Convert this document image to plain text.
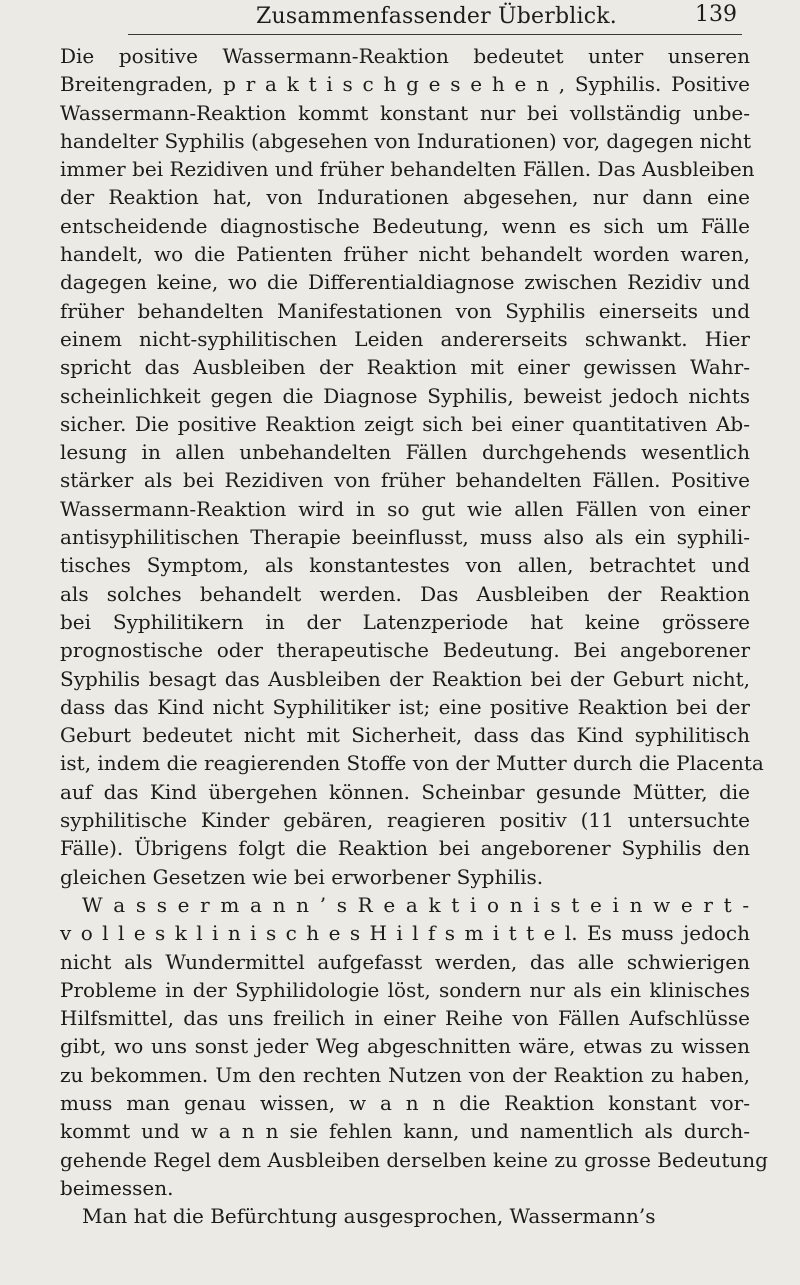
Zusammenfassender Überblick.	139
Die positive Wassermann-Reaktion bedeutet unter unseren
Breitengraden, p r a k t i s c h g e s e h e n , Syphilis. Positive
Wassermann-Reaktion kommt konstant nur bei vollständig unbe-
handelter Syphilis (abgesehen von Indurationen) vor, dagegen nicht
immer bei Rezidiven und früher behandelten Fällen. Das Ausbleiben
der Reaktion hat, von Indurationen abgesehen, nur dann eine
entscheidende diagnostische Bedeutung, wenn es sich um Fälle
handelt, wo die Patienten früher nicht behandelt worden waren,
dagegen keine, wo die Differentialdiagnose zwischen Rezidiv und
früher behandelten Manifestationen von Syphilis einerseits und
einem nicht-syphilitischen Leiden andererseits schwankt. Hier
spricht das Ausbleiben der Reaktion mit einer gewissen Wahr-
scheinlichkeit gegen die Diagnose Syphilis, beweist jedoch nichts
sicher. Die positive Reaktion zeigt sich bei einer quantitativen Ab-
lesung in allen unbehandelten Fällen durchgehends wesentlich
stärker als bei Rezidiven von früher behandelten Fällen. Positive
Wassermann-Reaktion wird in so gut wie allen Fällen von einer
antisyphilitischen Therapie beeinflusst, muss also als ein syphili-
tisches Symptom, als konstantestes von allen, betrachtet und
als solches behandelt werden. Das Ausbleiben der Reaktion
bei Syphilitikern in der Latenzperiode hat keine grössere
prognostische oder therapeutische Bedeutung. Bei angeborener
Syphilis besagt das Ausbleiben der Reaktion bei der Geburt nicht,
dass das Kind nicht Syphilitiker ist; eine positive Reaktion bei der
Geburt bedeutet nicht mit Sicherheit, dass das Kind syphilitisch
ist, indem die reagierenden Stoffe von der Mutter durch die Placenta
auf das Kind übergehen können. Scheinbar gesunde Mütter, die
syphilitische Kinder gebären, reagieren positiv (11 untersuchte
Fälle). Übrigens folgt die Reaktion bei angeborener Syphilis den
gleichen Gesetzen wie bei erworbener Syphilis.
W a s s e r m a n n ’ s R e a k t i o n i s t e i n w e r t -
v o l l e s k l i n i s c h e s H i l f s m i t t e l. Es muss jedoch
nicht als Wundermittel aufgefasst werden, das alle schwierigen
Probleme in der Syphilidologie löst, sondern nur als ein klinisches
Hilfsmittel, das uns freilich in einer Reihe von Fällen Aufschlüsse
gibt, wo uns sonst jeder Weg abgeschnitten wäre, etwas zu wissen
zu bekommen. Um den rechten Nutzen von der Reaktion zu haben,
muss man genau wissen, w a n n die Reaktion konstant vor-
kommt und w a n n sie fehlen kann, und namentlich als durch-
gehende Regel dem Ausbleiben derselben keine zu grosse Bedeutung
beimessen.
Man hat die Befürchtung ausgesprochen, Wassermann’s
